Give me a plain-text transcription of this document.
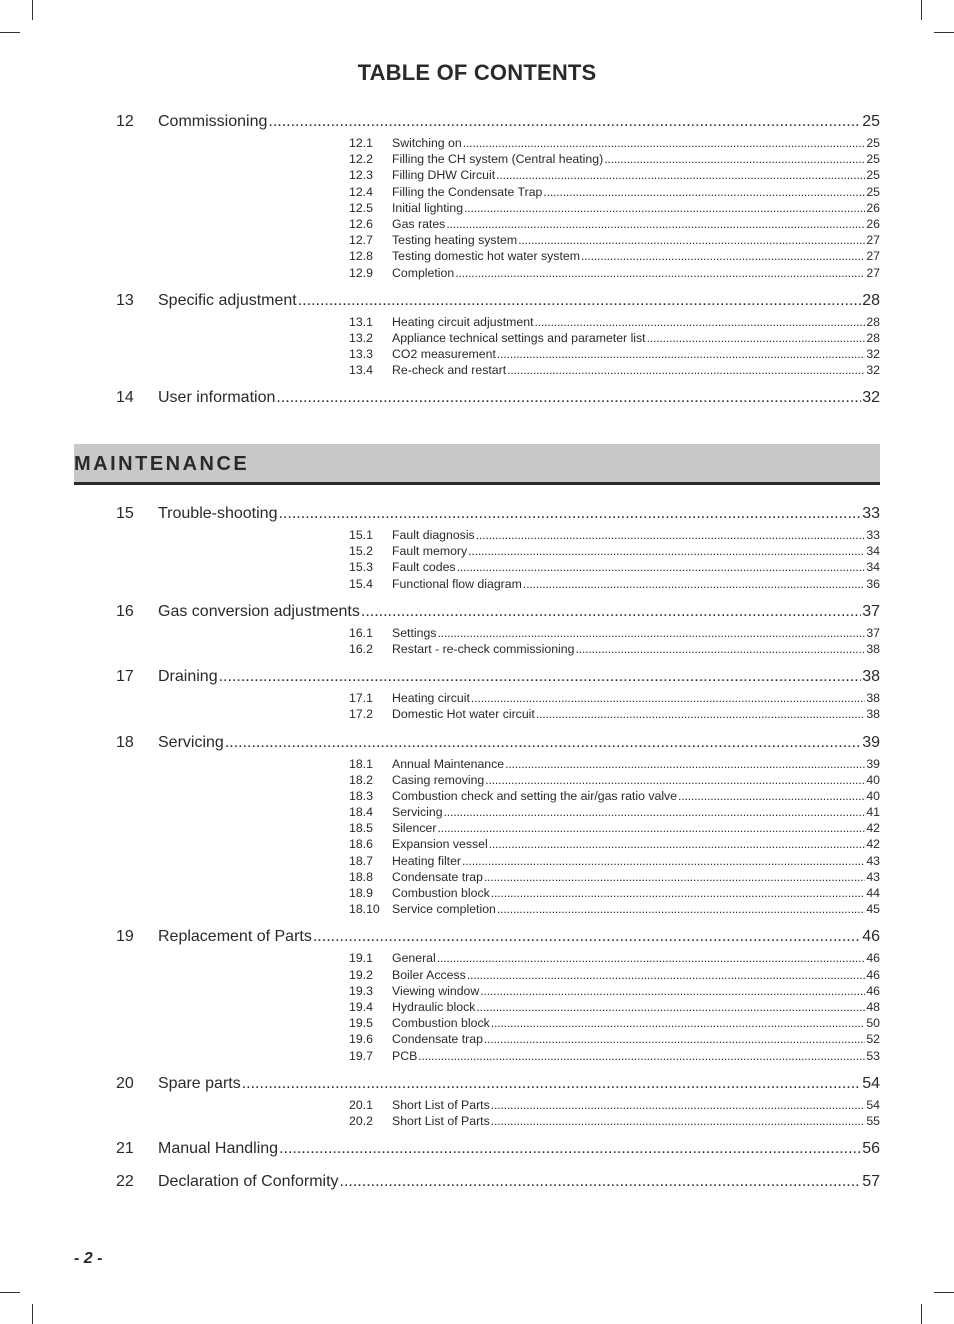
TABLE OF CONTENTS
12 Commissioning .....	25
12.1 Switching on .....	25
12.2 Filling the CH system (Central heating) .....	25
12.3 Filling DHW Circuit .....	25
12.4 Filling the Condensate Trap .....	25
12.5 Initial lighting .....	26
12.6 Gas rates .....	26
12.7 Testing heating system .....	27
12.8 Testing domestic hot water system .....	27
12.9 Completion .....	27
13 Specific adjustment .....	28
13.1 Heating circuit adjustment .....	28
13.2 Appliance technical settings and parameter list .....	28
13.3 CO2 measurement .....	32
13.4 Re-check and restart .....	32
14 User information .....	32
MAINTENANCE
15 Trouble-shooting .....	33
15.1 Fault diagnosis .....	33
15.2 Fault memory .....	34
15.3 Fault codes .....	34
15.4 Functional flow diagram .....	36
16 Gas conversion adjustments .....	37
16.1 Settings .....	37
16.2 Restart - re-check commissioning .....	38
17 Draining .....	38
17.1 Heating circuit .....	38
17.2 Domestic Hot water circuit .....	38
18 Servicing .....	39
18.1 Annual Maintenance .....	39
18.2 Casing removing .....	40
18.3 Combustion check and setting the air/gas ratio valve .....	40
18.4 Servicing .....	41
18.5 Silencer .....	42
18.6 Expansion vessel .....	42
18.7 Heating filter .....	43
18.8 Condensate trap .....	43
18.9 Combustion block .....	44
18.10 Service completion .....	45
19 Replacement of Parts .....	46
19.1 General .....	46
19.2 Boiler Access .....	46
19.3 Viewing window .....	46
19.4 Hydraulic block .....	48
19.5 Combustion block .....	50
19.6 Condensate trap .....	52
19.7 PCB .....	53
20 Spare parts .....	54
20.1 Short List of Parts .....	54
20.2 Short List of Parts .....	55
21 Manual Handling .....	56
22 Declaration of Conformity .....	57
- 2 -
